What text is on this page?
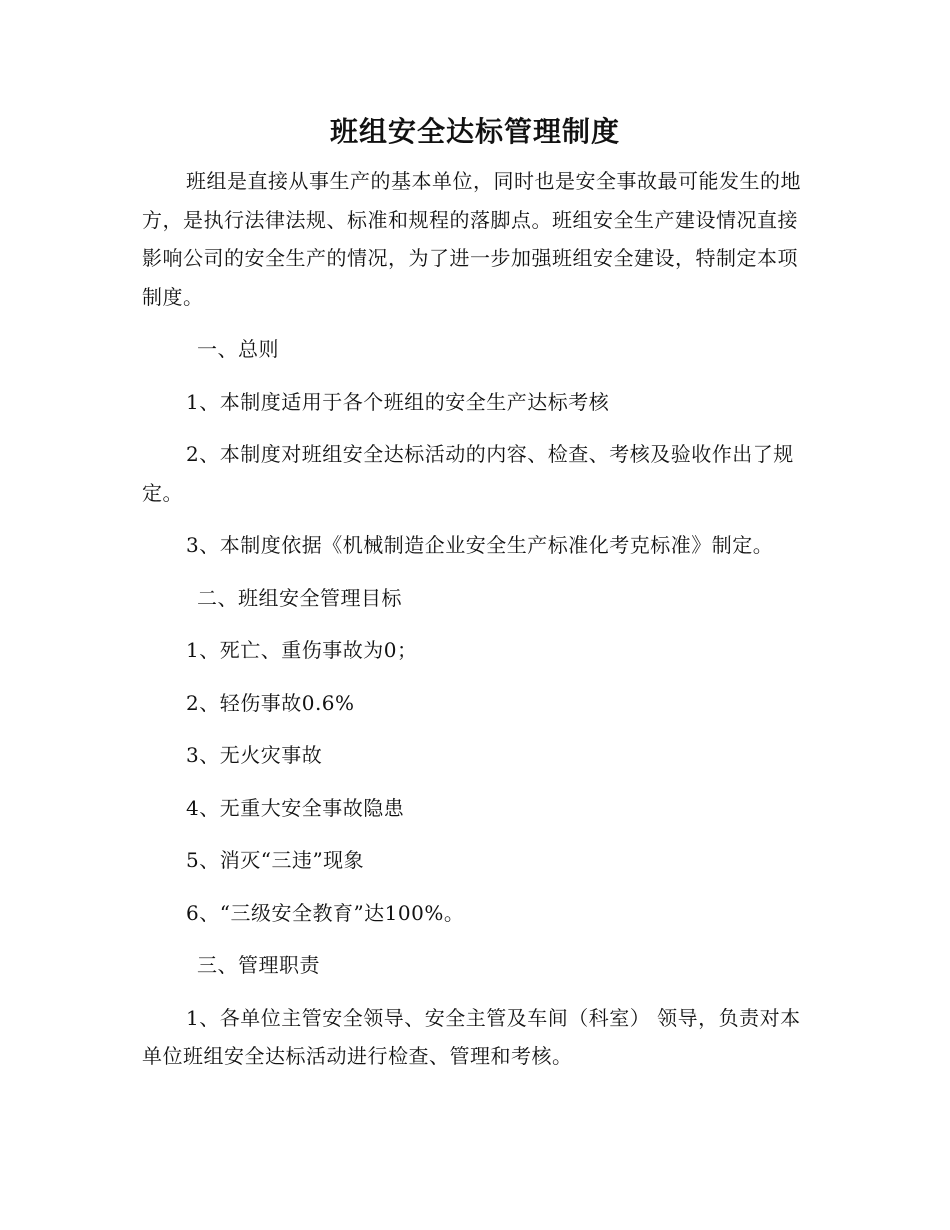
班组安全达标管理制度

班组是直接从事生产的基本单位，同时也是安全事故最可能发生的地方，是执行法律法规、标准和规程的落脚点。班组安全生产建设情况直接影响公司的安全生产的情况，为了进一步加强班组安全建设，特制定本项制度。

一、总则

1、本制度适用于各个班组的安全生产达标考核

2、本制度对班组安全达标活动的内容、检查、考核及验收作出了规定。

3、本制度依据《机械制造企业安全生产标准化考克标准》制定。

二、班组安全管理目标

1、死亡、重伤事故为0；

2、轻伤事故0.6%

3、无火灾事故

4、无重大安全事故隐患

5、消灭“三违”现象

6、“三级安全教育”达100%。

三、管理职责

1、各单位主管安全领导、安全主管及车间（科室） 领导，负责对本单位班组安全达标活动进行检查、管理和考核。
